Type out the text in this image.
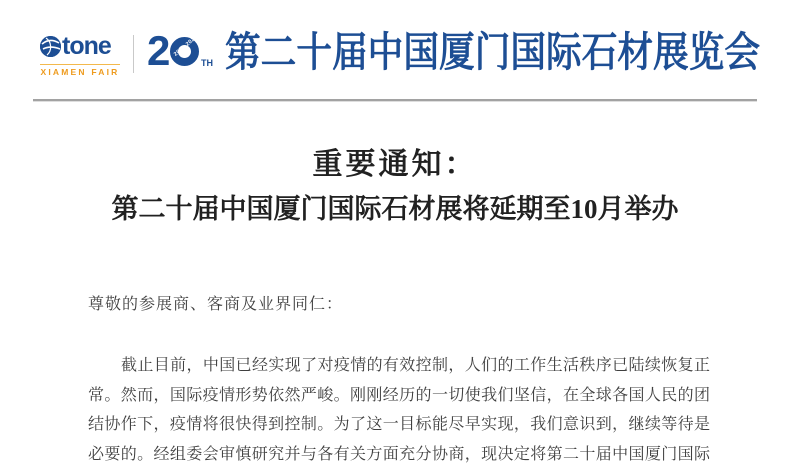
tone
XIAMEN FAIR 2 2001-2020
TH 第二十届中国厦门国际石材展览会
重要通知：
第二十届中国厦门国际石材展将延期至10月举办
尊敬的参展商、客商及业界同仁：
截止目前，中国已经实现了对疫情的有效控制，人们的工作生活秩序已陆续恢复正
常。然而，国际疫情形势依然严峻。刚刚经历的一切使我们坚信，在全球各国人民的团
结协作下，疫情将很快得到控制。为了这一目标能尽早实现，我们意识到，继续等待是
必要的。经组委会审慎研究并与各有关方面充分协商，现决定将第二十届中国厦门国际
